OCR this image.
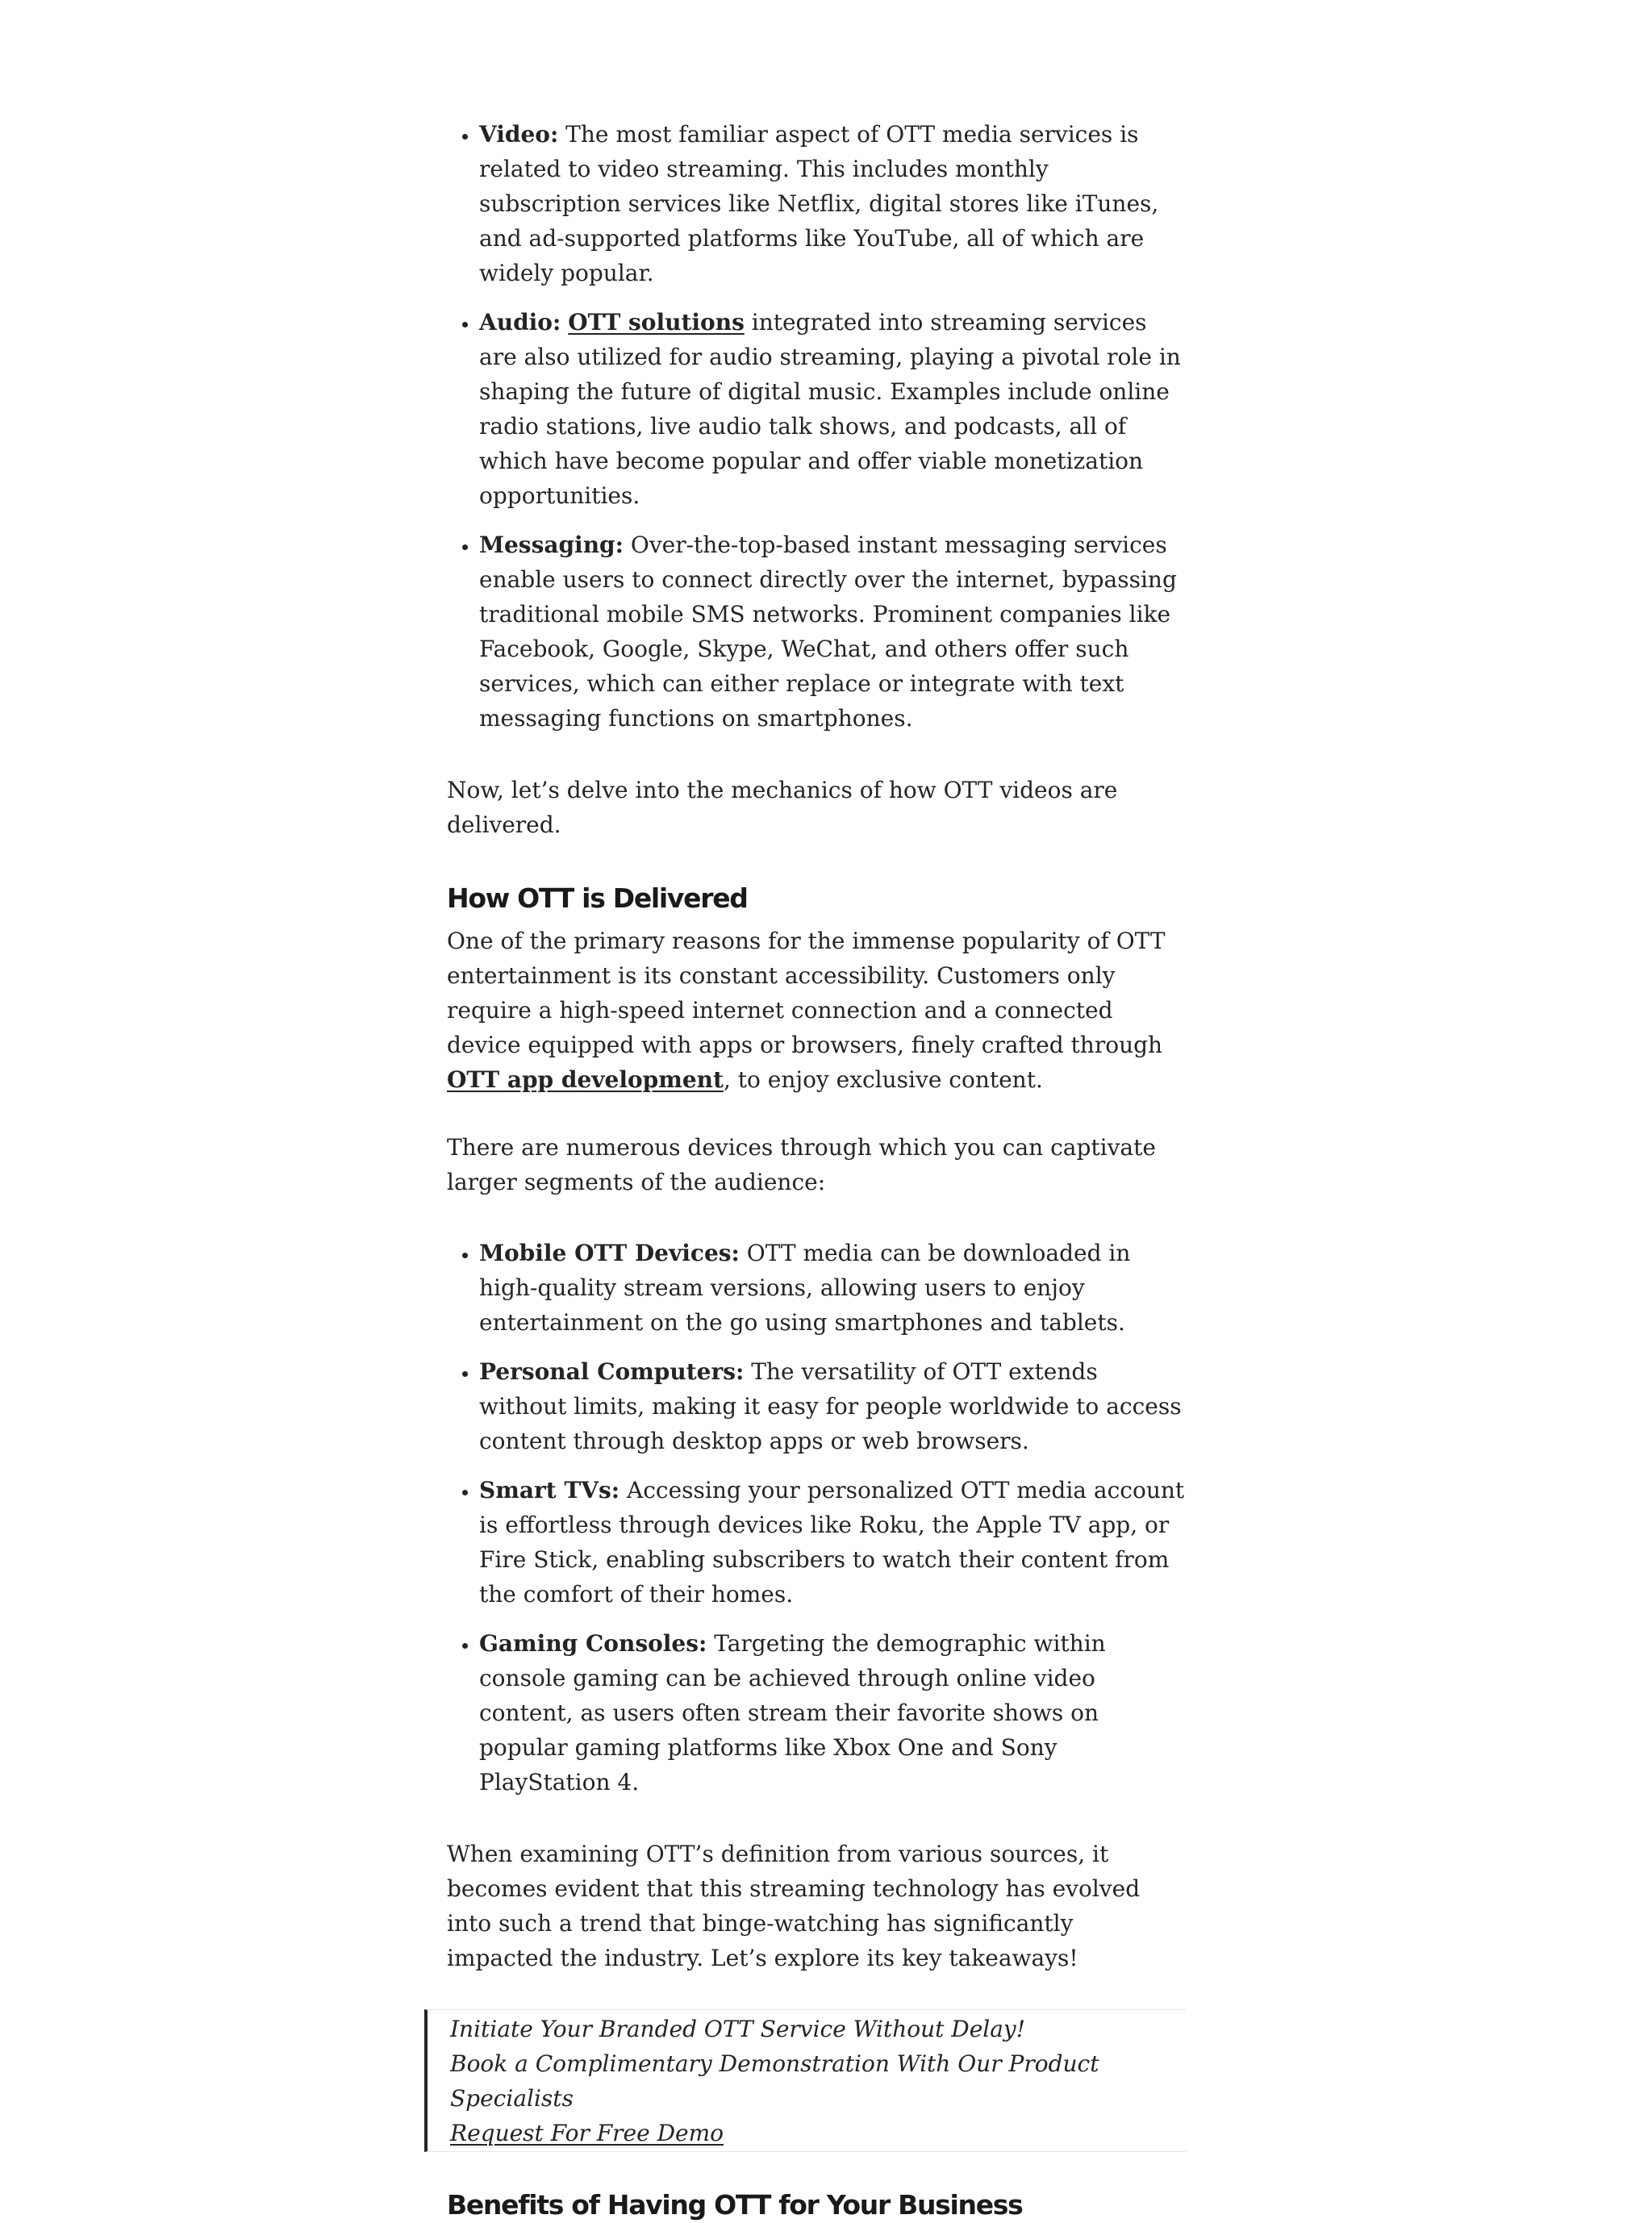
• Video: The most familiar aspect of OTT media services is related to video streaming. This includes monthly subscription services like Netflix, digital stores like iTunes, and ad-supported platforms like YouTube, all of which are widely popular.
• Audio: OTT solutions integrated into streaming services are also utilized for audio streaming, playing a pivotal role in shaping the future of digital music. Examples include online radio stations, live audio talk shows, and podcasts, all of which have become popular and offer viable monetization opportunities.
• Messaging: Over-the-top-based instant messaging services enable users to connect directly over the internet, bypassing traditional mobile SMS networks. Prominent companies like Facebook, Google, Skype, WeChat, and others offer such services, which can either replace or integrate with text messaging functions on smartphones.

Now, let’s delve into the mechanics of how OTT videos are delivered.

How OTT is Delivered

One of the primary reasons for the immense popularity of OTT entertainment is its constant accessibility. Customers only require a high-speed internet connection and a connected device equipped with apps or browsers, finely crafted through OTT app development, to enjoy exclusive content.

There are numerous devices through which you can captivate larger segments of the audience:

• Mobile OTT Devices: OTT media can be downloaded in high-quality stream versions, allowing users to enjoy entertainment on the go using smartphones and tablets.
• Personal Computers: The versatility of OTT extends without limits, making it easy for people worldwide to access content through desktop apps or web browsers.
• Smart TVs: Accessing your personalized OTT media account is effortless through devices like Roku, the Apple TV app, or Fire Stick, enabling subscribers to watch their content from the comfort of their homes.
• Gaming Consoles: Targeting the demographic within console gaming can be achieved through online video content, as users often stream their favorite shows on popular gaming platforms like Xbox One and Sony PlayStation 4.

When examining OTT’s definition from various sources, it becomes evident that this streaming technology has evolved into such a trend that binge-watching has significantly impacted the industry. Let’s explore its key takeaways!

Initiate Your Branded OTT Service Without Delay!
Book a Complimentary Demonstration With Our Product Specialists
Request For Free Demo
Benefits of Having OTT for Your Business
